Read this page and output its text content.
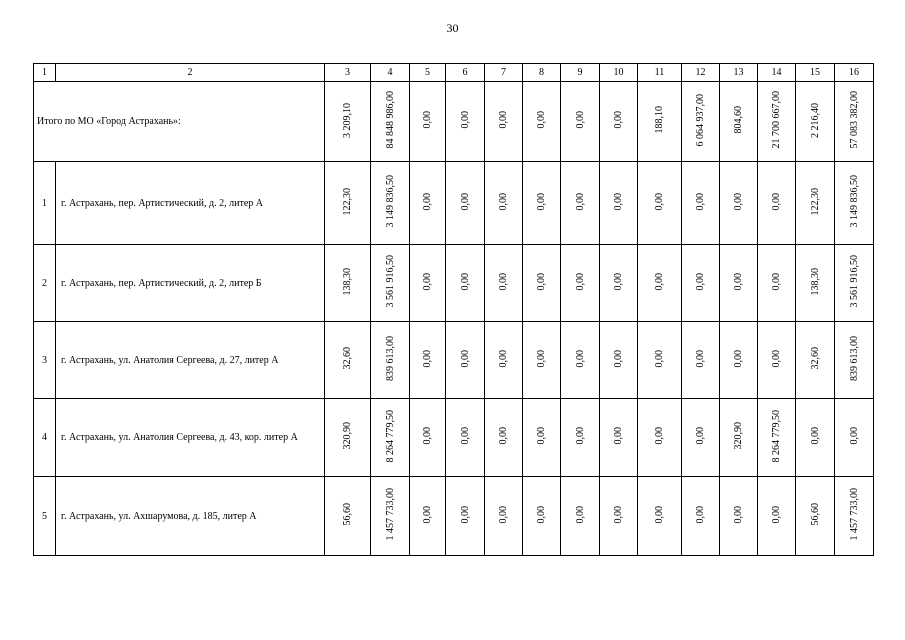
30
1	2	3	4	5	6	7	8	9	10	11	12	13	14	15	16
Итого по МО «Город Астрахань»:		3 209,10	84 848 986,00	0,00	0,00	0,00	0,00	0,00	0,00	188,10	6 064 937,00	804,60	21 700 667,00	2 216,40	57 083 382,00
1	г. Астрахань, пер. Артистический, д. 2, литер А	122,30	3 149 836,50	0,00	0,00	0,00	0,00	0,00	0,00	0,00	0,00	0,00	0,00	122,30	3 149 836,50
2	г. Астрахань, пер. Артистический, д. 2, литер Б	138,30	3 561 916,50	0,00	0,00	0,00	0,00	0,00	0,00	0,00	0,00	0,00	0,00	138,30	3 561 916,50
3	г. Астрахань, ул. Анатолия Сергеева, д. 27, литер А	32,60	839 613,00	0,00	0,00	0,00	0,00	0,00	0,00	0,00	0,00	0,00	0,00	32,60	839 613,00
4	г. Астрахань, ул. Анатолия Сергеева, д. 43, кор. литер А	320,90	8 264 779,50	0,00	0,00	0,00	0,00	0,00	0,00	0,00	0,00	320,90	8 264 779,50	0,00	0,00
5	г. Астрахань, ул. Ахшарумова, д. 185, литер А	56,60	1 457 733,00	0,00	0,00	0,00	0,00	0,00	0,00	0,00	0,00	0,00	0,00	56,60	1 457 733,00
